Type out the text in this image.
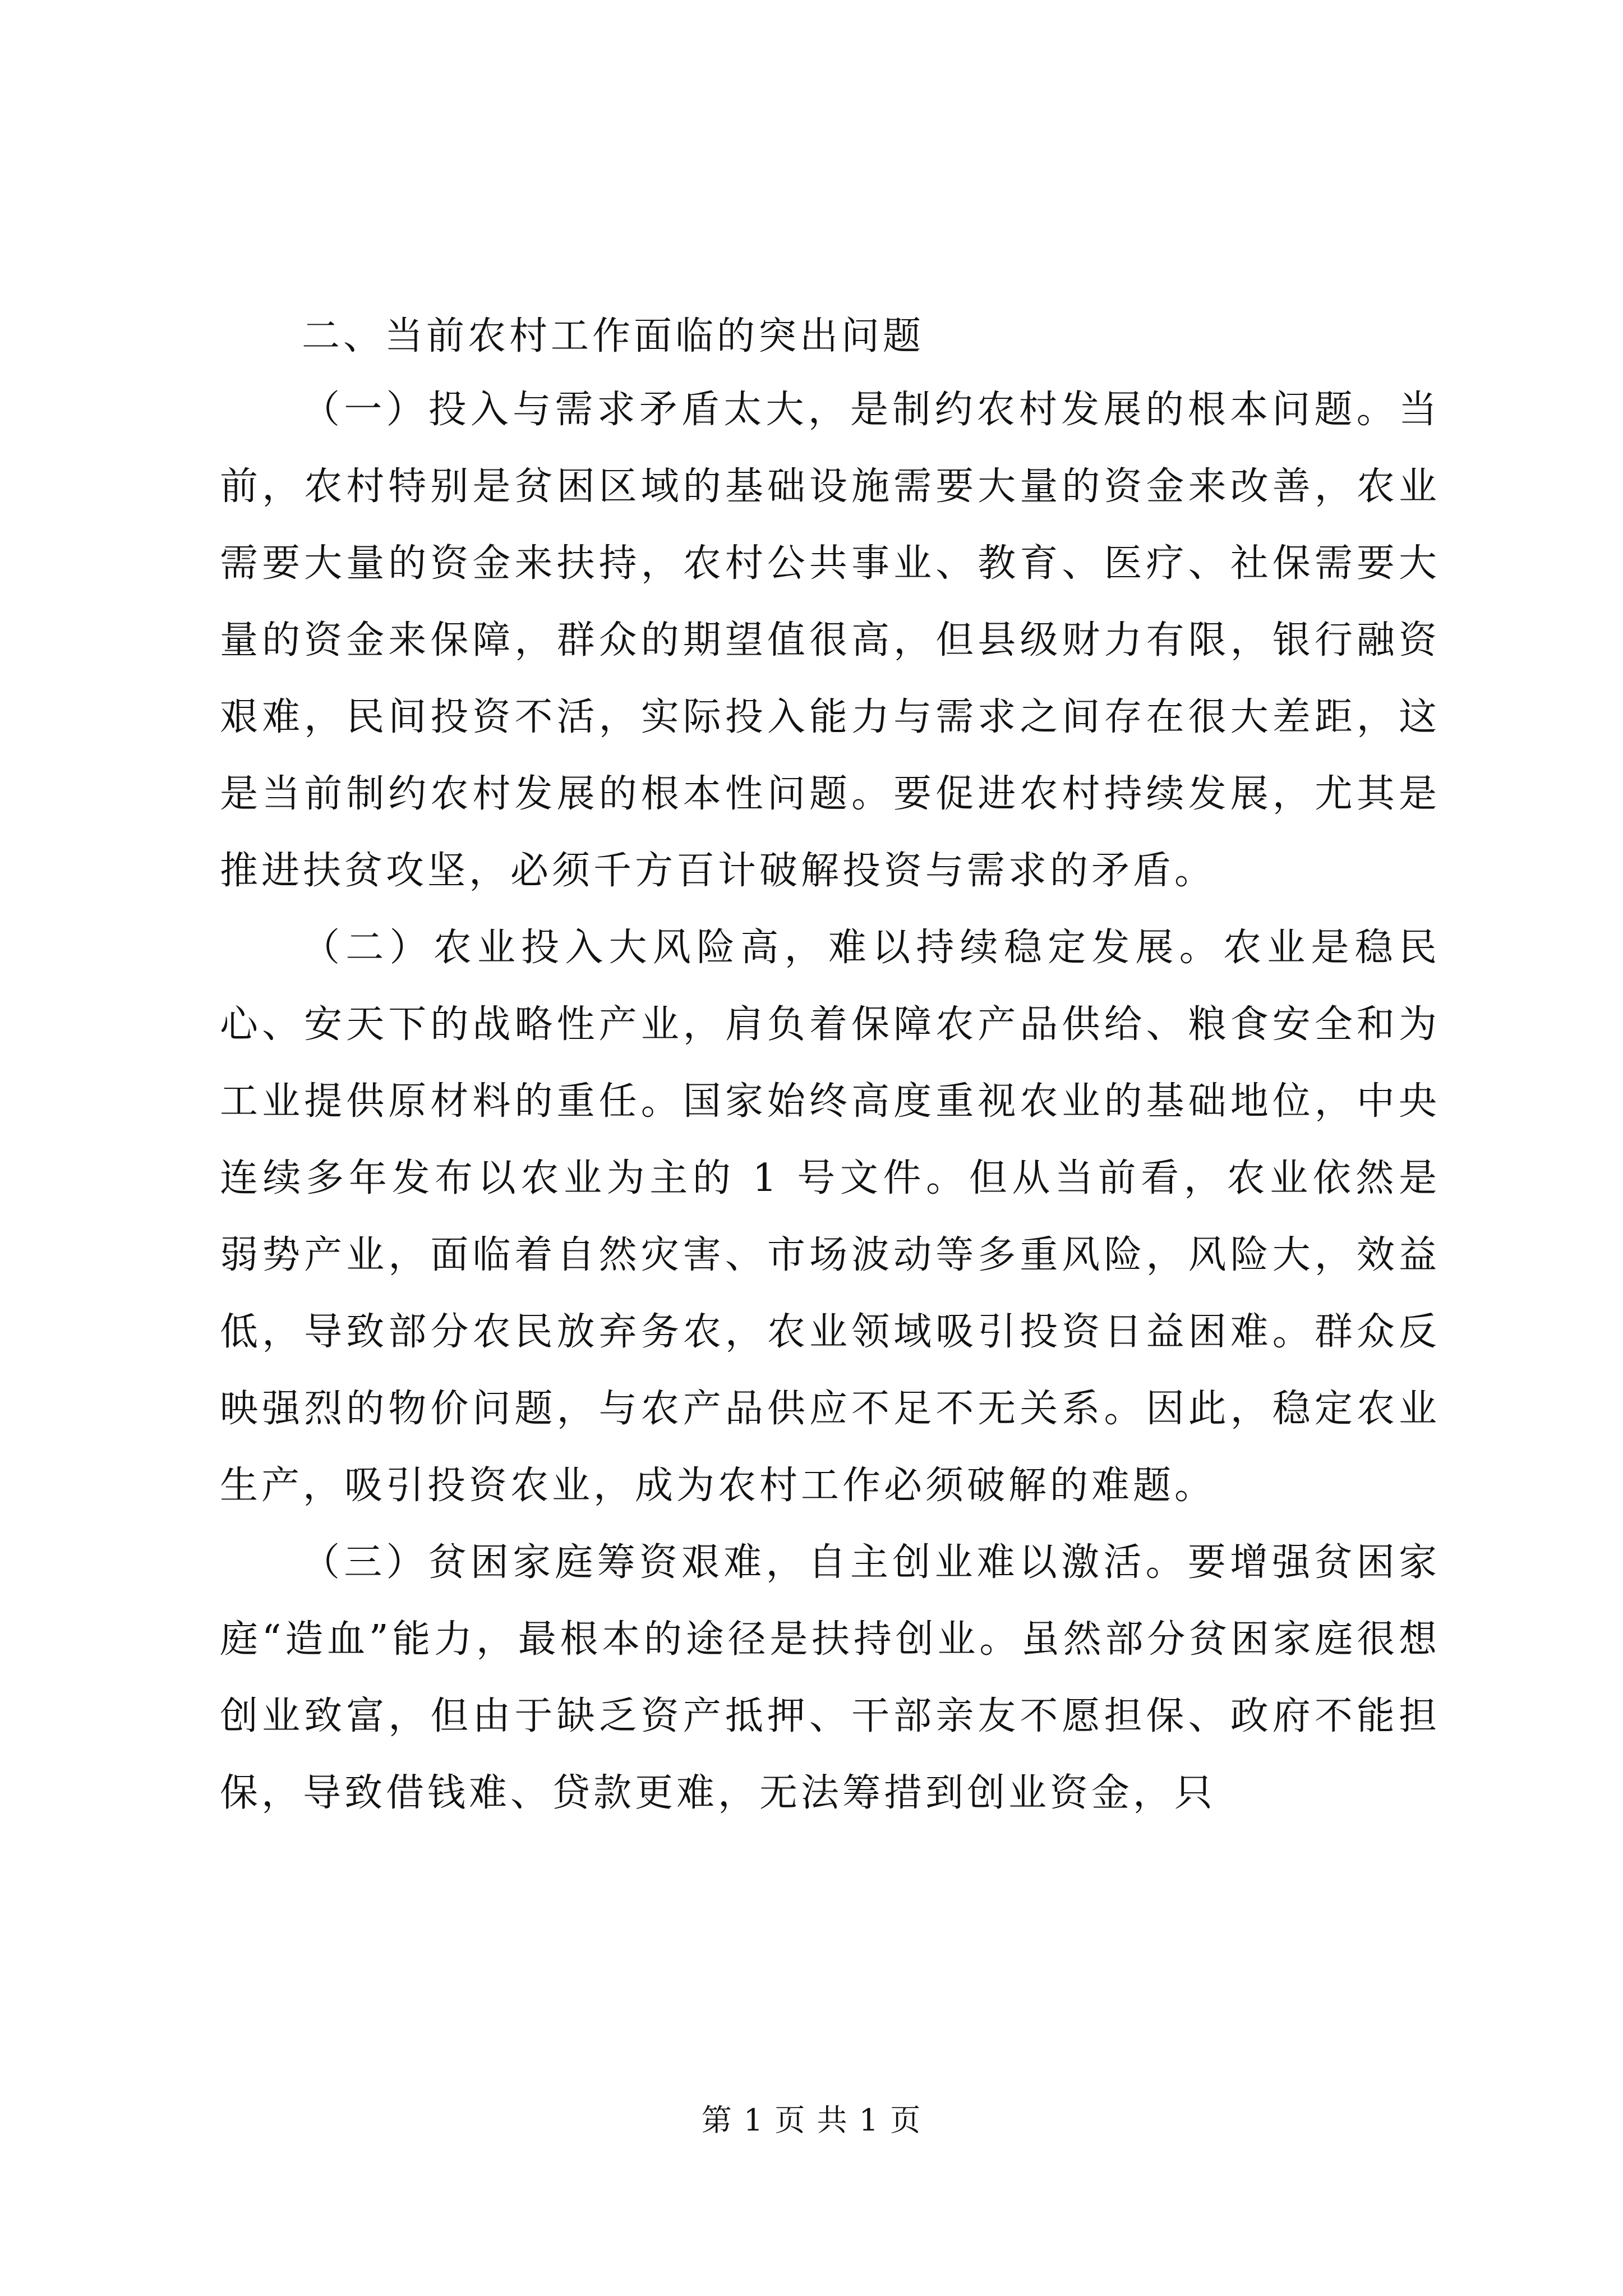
二、当前农村工作面临的突出问题

（一）投入与需求矛盾太大，是制约农村发展的根本问题。当前，农村特别是贫困区域的基础设施需要大量的资金来改善，农业需要大量的资金来扶持，农村公共事业、教育、医疗、社保需要大量的资金来保障，群众的期望值很高，但县级财力有限，银行融资艰难，民间投资不活，实际投入能力与需求之间存在很大差距，这是当前制约农村发展的根本性问题。要促进农村持续发展，尤其是推进扶贫攻坚，必须千方百计破解投资与需求的矛盾。

（二）农业投入大风险高，难以持续稳定发展。农业是稳民心、安天下的战略性产业，肩负着保障农产品供给、粮食安全和为工业提供原材料的重任。国家始终高度重视农业的基础地位，中央连续多年发布以农业为主的 1 号文件。但从当前看，农业依然是弱势产业，面临着自然灾害、市场波动等多重风险，风险大，效益低，导致部分农民放弃务农，农业领域吸引投资日益困难。群众反映强烈的物价问题，与农产品供应不足不无关系。因此，稳定农业生产，吸引投资农业，成为农村工作必须破解的难题。

（三）贫困家庭筹资艰难，自主创业难以激活。要增强贫困家庭“造血”能力，最根本的途径是扶持创业。虽然部分贫困家庭很想创业致富，但由于缺乏资产抵押、干部亲友不愿担保、政府不能担保，导致借钱难、贷款更难，无法筹措到创业资金，只

第 1 页 共 1 页
